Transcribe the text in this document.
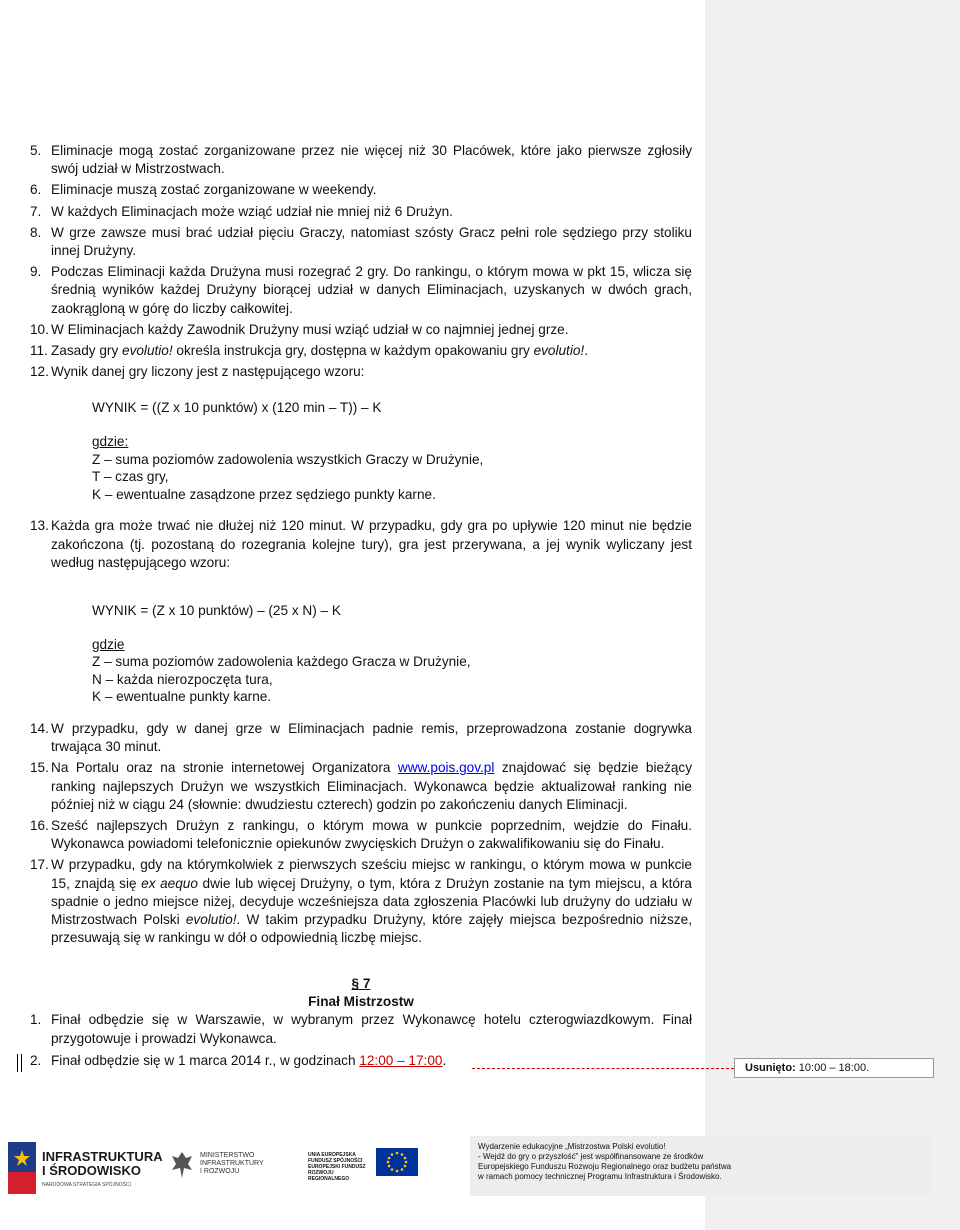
5. Eliminacje mogą zostać zorganizowane przez nie więcej niż 30 Placówek, które jako pierwsze zgłosiły swój udział w Mistrzostwach.
6. Eliminacje muszą zostać zorganizowane w weekendy.
7. W każdych Eliminacjach może wziąć udział nie mniej niż 6 Drużyn.
8. W grze zawsze musi brać udział pięciu Graczy, natomiast szósty Gracz pełni role sędziego przy stoliku innej Drużyny.
9. Podczas Eliminacji każda Drużyna musi rozegrać 2 gry. Do rankingu, o którym mowa w pkt 15, wlicza się średnią wyników każdej Drużyny biorącej udział w danych Eliminacjach, uzyskanych w dwóch grach, zaokrągloną w górę do liczby całkowitej.
10. W Eliminacjach każdy Zawodnik Drużyny musi wziąć udział w co najmniej jednej grze.
11. Zasady gry evolutio! określa instrukcja gry, dostępna w każdym opakowaniu gry evolutio!.
12. Wynik danej gry liczony jest z następującego wzoru:
WYNIK = ((Z x 10 punktów) x (120 min – T)) – K
gdzie:
Z – suma poziomów zadowolenia wszystkich Graczy w Drużynie,
T – czas gry,
K – ewentualne zasądzone przez sędziego punkty karne.
13. Każda gra może trwać nie dłużej niż 120 minut. W przypadku, gdy gra po upływie 120 minut nie będzie zakończona (tj. pozostaną do rozegrania kolejne tury), gra jest przerywana, a jej wynik wyliczany jest według następującego wzoru:
WYNIK = (Z x 10 punktów) – (25 x N) – K
gdzie
Z – suma poziomów zadowolenia każdego Gracza w Drużynie,
N – każda nierozpoczęta tura,
K – ewentualne punkty karne.
14. W przypadku, gdy w danej grze w Eliminacjach padnie remis, przeprowadzona zostanie dogrywka trwająca 30 minut.
15. Na Portalu oraz na stronie internetowej Organizatora www.pois.gov.pl znajdować się będzie bieżący ranking najlepszych Drużyn we wszystkich Eliminacjach. Wykonawca będzie aktualizował ranking nie później niż w ciągu 24 (słownie: dwudziestu czterech) godzin po zakończeniu danych Eliminacji.
16. Sześć najlepszych Drużyn z rankingu, o którym mowa w punkcie poprzednim, wejdzie do Finału. Wykonawca powiadomi telefonicznie opiekunów zwycięskich Drużyn o zakwalifikowaniu się do Finału.
17. W przypadku, gdy na którymkolwiek z pierwszych sześciu miejsc w rankingu, o którym mowa w punkcie 15, znajdą się ex aequo dwie lub więcej Drużyny, o tym, która z Drużyn zostanie na tym miejscu, a która spadnie o jedno miejsce niżej, decyduje wcześniejsza data zgłoszenia Placówki lub drużyny do udziału w Mistrzostwach Polski evolutio!. W takim przypadku Drużyny, które zajęły miejsca bezpośrednio niższe, przesuwają się w rankingu w dół o odpowiednią liczbę miejsc.
§ 7
Finał Mistrzostw
1. Finał odbędzie się w Warszawie, w wybranym przez Wykonawcę hotelu czterogwiazdkowym. Finał przygotowuje i prowadzi Wykonawca.
2. Finał odbędzie się w 1 marca 2014 r., w godzinach 12:00 – 17:00.
Usunięto: 10:00 – 18:00.
INFRASTRUKTURA
I ŚRODOWISKO
NARODOWA STRATEGIA SPÓJNOŚCI
MINISTERSTWO
INFRASTRUKTURY
I ROZWOJU
UNIA EUROPEJSKA
FUNDUSZ SPÓJNOŚCI
EUROPEJSKI FUNDUSZ
ROZWOJU REGIONALNEGO
Wydarzenie edukacyjne „Mistrzostwa Polski evolutio!
- Wejdź do gry o przyszłość” jest współfinansowane ze środków
Europejskiego Funduszu Rozwoju Regionalnego oraz budżetu państwa
w ramach pomocy technicznej Programu Infrastruktura i Środowisko.
